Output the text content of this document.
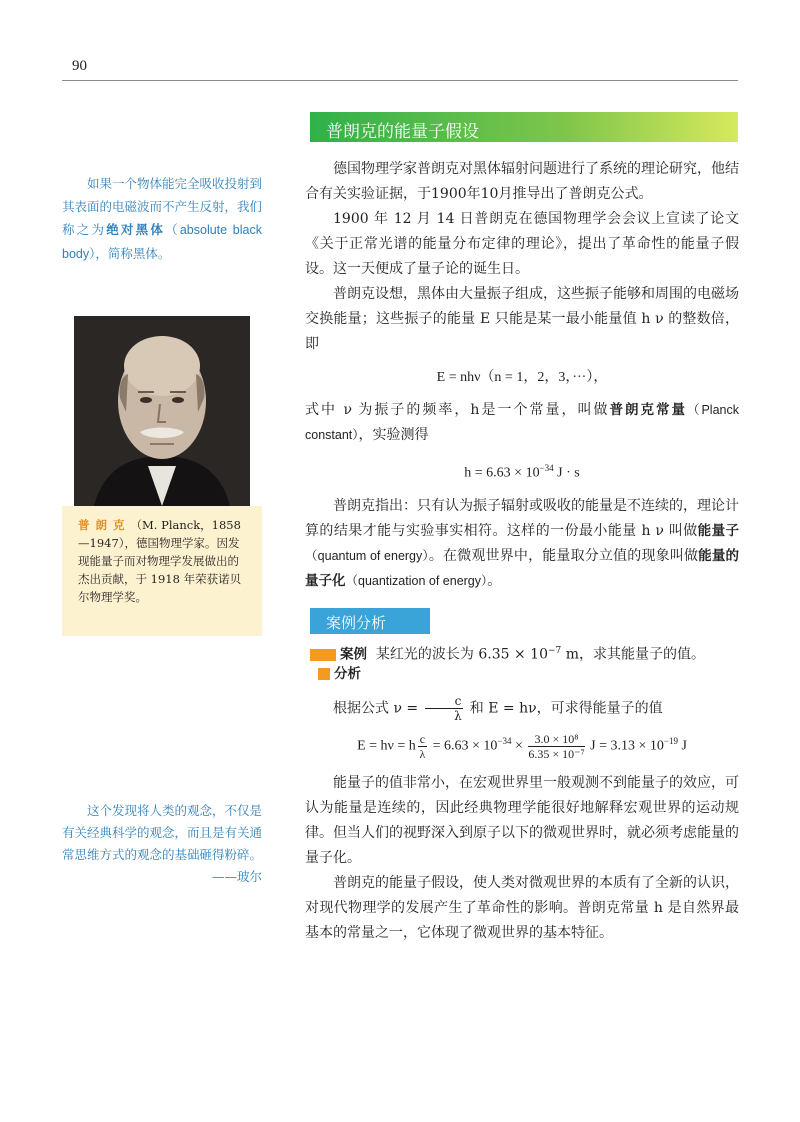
90
如果一个物体能完全吸收投射到其表面的电磁波而不产生反射，我们称之为绝对黑体（absolute black body），简称黑体。
普朗克（M. Planck，1858—1947），德国物理学家。因发现能量子而对物理学发展做出的杰出贡献，于 1918 年荣获诺贝尔物理学奖。
这个发现将人类的观念，不仅是有关经典科学的观念，而且是有关通常思维方式的观念的基础砸得粉碎。
——玻尔
普朗克的能量子假设

德国物理学家普朗克对黑体辐射问题进行了系统的理论研究，他结合有关实验证据，于1900年10月推导出了普朗克公式。

1900 年 12 月 14 日普朗克在德国物理学会会议上宣读了论文《关于正常光谱的能量分布定律的理论》，提出了革命性的能量子假设。这一天便成了量子论的诞生日。

普朗克设想，黑体由大量振子组成，这些振子能够和周围的电磁场交换能量；这些振子的能量 E 只能是某一最小能量值 h ν 的整数倍，即

E = nhν（n = 1，2，3，···），

式中 ν 为振子的频率，h是一个常量，叫做普朗克常量（Planck constant），实验测得

$h = 6.63 \times 10^{-34}$ J · s

普朗克指出：只有认为振子辐射或吸收的能量是不连续的，理论计算的结果才能与实验事实相符。这样的一份最小能量 h ν 叫做能量子（quantum of energy）。在微观世界中，能量取分立值的现象叫做能量的量子化（quantization of energy）。

案例分析
案例 某红光的波长为 $6.35 \times 10^{-7}$ m，求其能量子的值。
分析

根据公式 $\nu = \frac{c}{\lambda}$ 和 E = hν，可求得能量子的值

E = hν = h $\frac{c}{\lambda} = 6.63 \times 10^{-34} \times \frac{\text{3.0 × 10⁸}}{\text{6.35 × 10⁻⁷}}$ $J = 3.13 \times 10^{-19}$ J

能量子的值非常小，在宏观世界里一般观测不到能量子的效应，可认为能量是连续的，因此经典物理学能很好地解释宏观世界的运动规律。但当人们的视野深入到原子以下的微观世界时，就必须考虑能量的量子化。

普朗克的能量子假设，使人类对微观世界的本质有了全新的认识，对现代物理学的发展产生了革命性的影响。普朗克常量 h 是自然界最基本的常量之一，它体现了微观世界的基本特征。
